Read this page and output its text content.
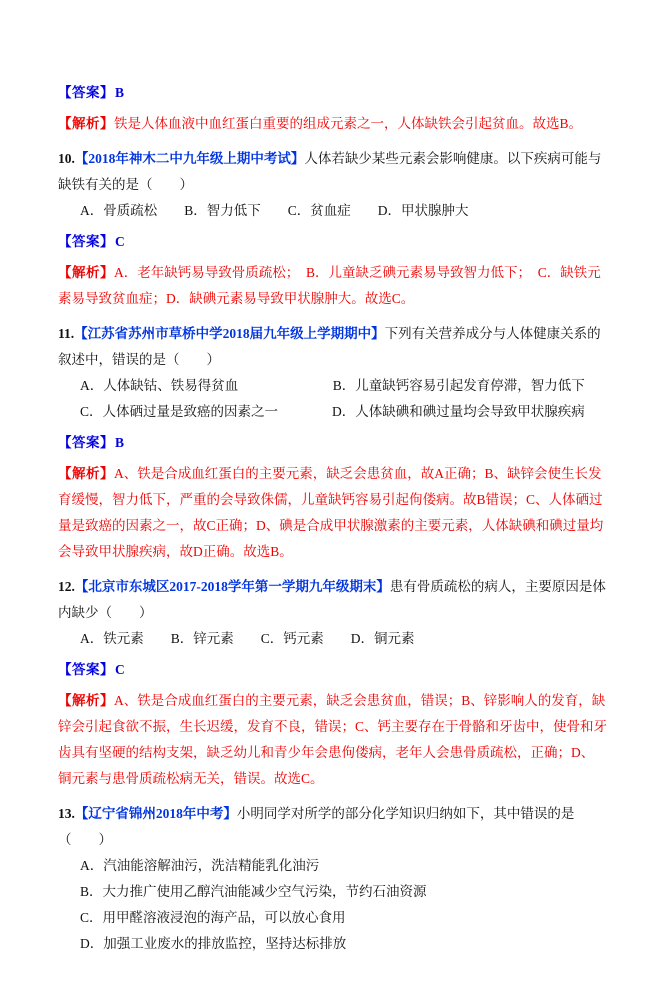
【答案】B

【解析】铁是人体血液中血红蛋白重要的组成元素之一，人体缺铁会引起贫血。故选B。

10.【2018年神木二中九年级上期中考试】人体若缺少某些元素会影响健康。以下疾病可能与缺铁有关的是（　　）

A．骨质疏松　　B．智力低下　　C．贫血症　　D．甲状腺肿大

【答案】C

【解析】A．老年缺钙易导致骨质疏松；　B．儿童缺乏碘元素易导致智力低下；　C．缺铁元素易导致贫血症；D．缺碘元素易导致甲状腺肿大。故选C。

11.【江苏省苏州市草桥中学2018届九年级上学期期中】下列有关营养成分与人体健康关系的叙述中，错误的是（　　）

A．人体缺钴、铁易得贫血　　　　　　　B．儿童缺钙容易引起发育停滞，智力低下

C．人体硒过量是致癌的因素之一　　　　D．人体缺碘和碘过量均会导致甲状腺疾病

【答案】B

【解析】A、铁是合成血红蛋白的主要元素，缺乏会患贫血，故A正确；B、缺锌会使生长发育缓慢，智力低下，严重的会导致侏儒，儿童缺钙容易引起佝偻病。故B错误；C、人体硒过量是致癌的因素之一，故C正确；D、碘是合成甲状腺激素的主要元素，人体缺碘和碘过量均会导致甲状腺疾病，故D正确。故选B。

12.【北京市东城区2017-2018学年第一学期九年级期末】患有骨质疏松的病人，主要原因是体内缺少（　　）

A．铁元素　　B．锌元素　　C．钙元素　　D．铜元素

【答案】C

【解析】A、铁是合成血红蛋白的主要元素，缺乏会患贫血，错误；B、锌影响人的发育，缺锌会引起食欲不振，生长迟缓，发育不良，错误；C、钙主要存在于骨骼和牙齿中，使骨和牙齿具有坚硬的结构支架，缺乏幼儿和青少年会患佝偻病，老年人会患骨质疏松，正确；D、铜元素与患骨质疏松病无关，错误。故选C。

13.【辽宁省锦州2018年中考】小明同学对所学的部分化学知识归纳如下，其中错误的是（　　）

A．汽油能溶解油污，洗洁精能乳化油污

B．大力推广使用乙醇汽油能减少空气污染，节约石油资源

C．用甲醛溶液浸泡的海产品，可以放心食用

D．加强工业废水的排放监控，坚持达标排放
